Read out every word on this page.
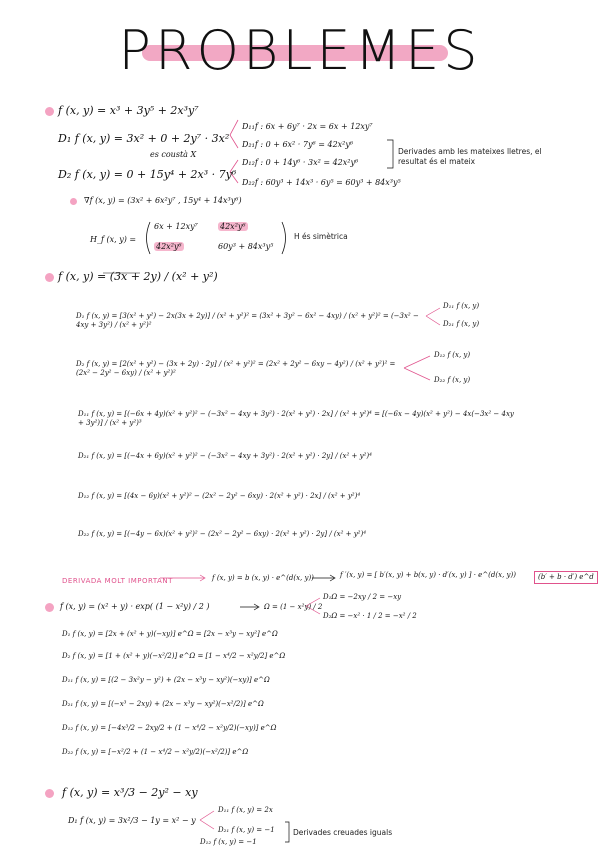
PROBLEMES
f (x, y) = x³ + 3y⁵ + 2x³y⁷
D₁ f (x, y) = 3x² + 0 + 2y⁷ · 3x²
es coustà X
D₂ f (x, y) = 0 + 15y⁴ + 2x³ · 7y⁶
D₁₁f : 6x + 6y⁷ · 2x = 6x + 12xy⁷
D₂₁f : 0 + 6x² · 7y⁶ = 42x²y⁶
D₁₂f : 0 + 14y⁶ · 3x² = 42x²y⁶
D₂₂f : 60y³ + 14x³ · 6y⁵ = 60y³ + 84x³y⁵
Derivades amb les mateixes lletres, el resultat és el mateix
∇f (x, y) = (3x² + 6x²y⁷ , 15y⁴ + 14x³y⁶)
H_f (x, y) =
6x + 12xy⁷	42x²y⁶
42x²y⁶	60y³ + 84x³y⁵
H és simètrica
f (x, y) = (3x + 2y) / (x² + y²)
D₁ f (x, y) = [3(x² + y²) − 2x(3x + 2y)] / (x² + y²)² = (3x² + 3y² − 6x² − 4xy) / (x² + y²)² = (−3x² − 4xy + 3y²) / (x² + y²)²
D₁₁ f (x, y)
D₂₁ f (x, y)
D₂ f (x, y) = [2(x² + y²) − (3x + 2y) · 2y] / (x² + y²)² = (2x² + 2y² − 6xy − 4y²) / (x² + y²)² = (2x² − 2y² − 6xy) / (x² + y²)²
D₁₂ f (x, y)
D₂₂ f (x, y)
D₁₁ f (x, y) = [(−6x + 4y)(x² + y²)² − (−3x² − 4xy + 3y²) · 2(x² + y²) · 2x] / (x² + y²)⁴ = [(−6x − 4y)(x² + y²) − 4x(−3x² − 4xy + 3y²)] / (x² + y²)³
D₂₁ f (x, y) = [(−4x + 6y)(x² + y²)² − (−3x² − 4xy + 3y²) · 2(x² + y²) · 2y] / (x² + y²)⁴
D₁₂ f (x, y) = [(4x − 6y)(x² + y²)² − (2x² − 2y² − 6xy) · 2(x² + y²) · 2x] / (x² + y²)⁴
D₂₂ f (x, y) = [(−4y − 6x)(x² + y²)² − (2x² − 2y² − 6xy) · 2(x² + y²) · 2y] / (x² + y²)⁴
DERIVADA MOLT IMPORTANT	f (x, y) = b (x, y) · e^(d(x, y))	f ′(x, y) = [ b′(x, y) + b(x, y) · d′(x, y) ] · e^(d(x, y))	(b′ + b · d′) e^d
f (x, y) = (x² + y) · exp( (1 − x²y) / 2 )	Ω = (1 − x²y) / 2
D₁Ω = −2xy / 2 = −xy
D₂Ω = −x² · 1 / 2 = −x² / 2
D₁ f (x, y) = [2x + (x² + y)(−xy)] e^Ω = [2x − x³y − xy²] e^Ω
D₂ f (x, y) = [1 + (x² + y)(−x²/2)] e^Ω = [1 − x⁴/2 − x²y/2] e^Ω
D₁₁ f (x, y) = [(2 − 3x²y − y²) + (2x − x³y − xy²)(−xy)] e^Ω
D₂₁ f (x, y) = [(−x³ − 2xy) + (2x − x³y − xy²)(−x²/2)] e^Ω
D₁₂ f (x, y) = [−4x³/2 − 2xy/2 + (1 − x⁴/2 − x²y/2)(−xy)] e^Ω
D₂₂ f (x, y) = [−x²/2 + (1 − x⁴/2 − x²y/2)(−x²/2)] e^Ω
f (x, y) = x³/3 − 2y² − xy
D₁ f (x, y) = 3x²/3 − 1y = x² − y
D₁₁ f (x, y) = 2x
D₂₁ f (x, y) = −1
D₁₂ f (x, y) = −1
Derivades creuades iguals
